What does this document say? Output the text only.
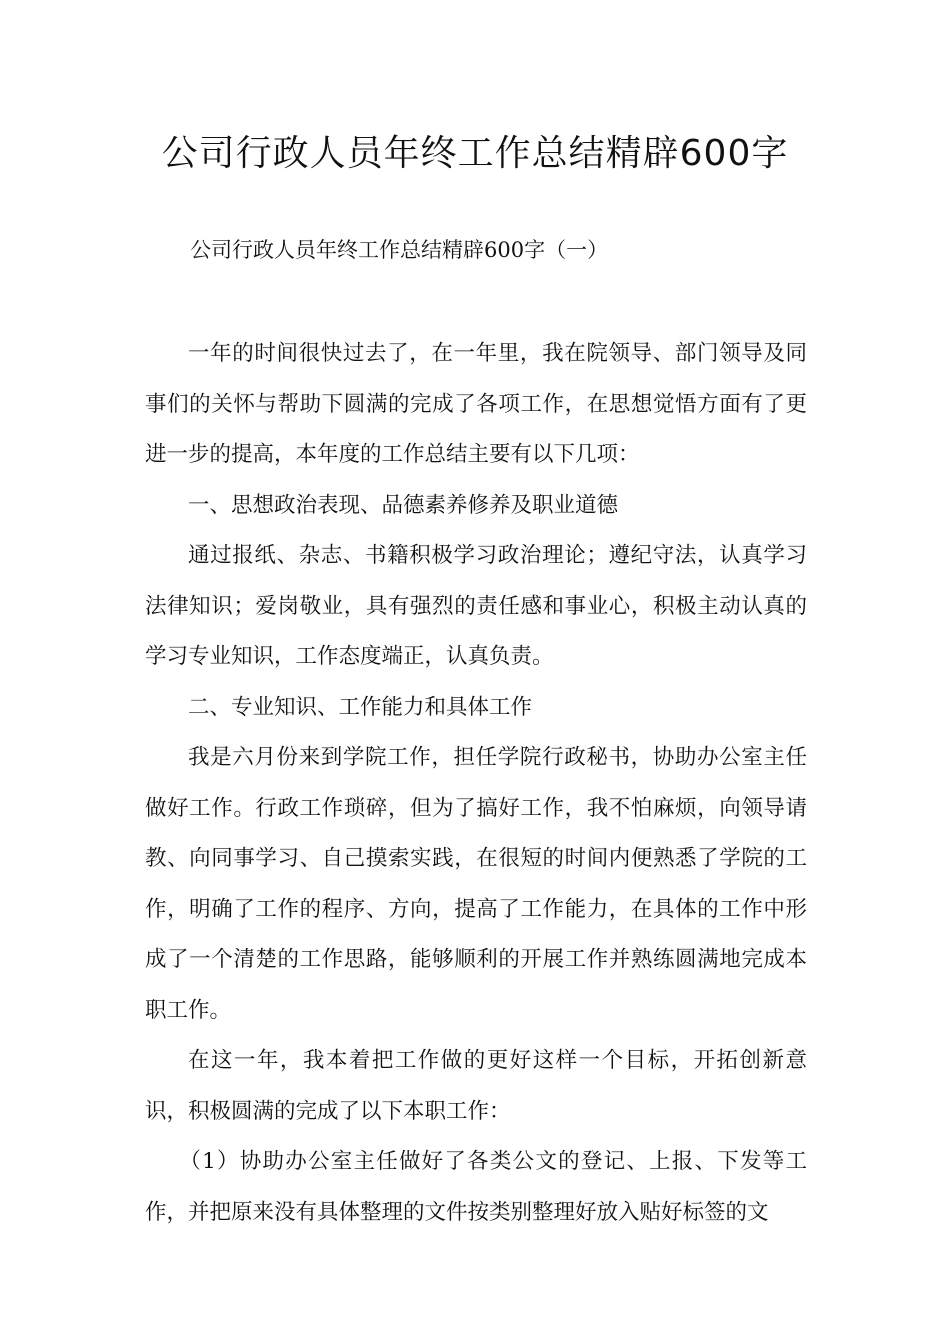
公司行政人员年终工作总结精辟600字

公司行政人员年终工作总结精辟600字（一）

一年的时间很快过去了，在一年里，我在院领导、部门领导及同事们的关怀与帮助下圆满的完成了各项工作，在思想觉悟方面有了更进一步的提高，本年度的工作总结主要有以下几项：

一、思想政治表现、品德素养修养及职业道德

通过报纸、杂志、书籍积极学习政治理论；遵纪守法，认真学习法律知识；爱岗敬业，具有强烈的责任感和事业心，积极主动认真的学习专业知识，工作态度端正，认真负责。

二、专业知识、工作能力和具体工作

我是六月份来到学院工作，担任学院行政秘书，协助办公室主任做好工作。行政工作琐碎，但为了搞好工作，我不怕麻烦，向领导请教、向同事学习、自己摸索实践，在很短的时间内便熟悉了学院的工作，明确了工作的程序、方向，提高了工作能力，在具体的工作中形成了一个清楚的工作思路，能够顺利的开展工作并熟练圆满地完成本职工作。

在这一年，我本着把工作做的更好这样一个目标，开拓创新意识，积极圆满的完成了以下本职工作：

（1）协助办公室主任做好了各类公文的登记、上报、下发等工作，并把原来没有具体整理的文件按类别整理好放入贴好标签的文
